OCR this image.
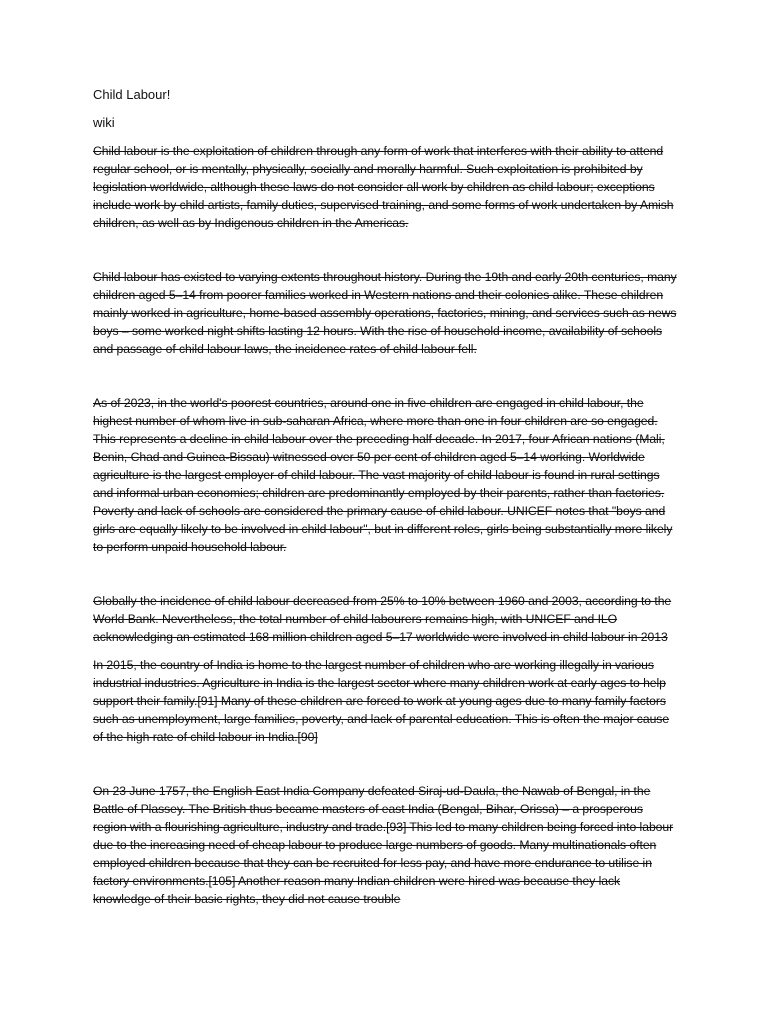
Child Labour!
wiki

Child labour is the exploitation of children through any form of work that interferes with their ability to attend regular school, or is mentally, physically, socially and morally harmful. Such exploitation is prohibited by legislation worldwide, although these laws do not consider all work by children as child labour; exceptions include work by child artists, family duties, supervised training, and some forms of work undertaken by Amish children, as well as by Indigenous children in the Americas.

Child labour has existed to varying extents throughout history. During the 19th and early 20th centuries, many children aged 5–14 from poorer families worked in Western nations and their colonies alike. These children mainly worked in agriculture, home-based assembly operations, factories, mining, and services such as news boys – some worked night shifts lasting 12 hours. With the rise of household income, availability of schools and passage of child labour laws, the incidence rates of child labour fell.

As of 2023, in the world's poorest countries, around one in five children are engaged in child labour, the highest number of whom live in sub-saharan Africa, where more than one in four children are so engaged. This represents a decline in child labour over the preceding half decade. In 2017, four African nations (Mali, Benin, Chad and Guinea-Bissau) witnessed over 50 per cent of children aged 5–14 working. Worldwide agriculture is the largest employer of child labour. The vast majority of child labour is found in rural settings and informal urban economies; children are predominantly employed by their parents, rather than factories. Poverty and lack of schools are considered the primary cause of child labour. UNICEF notes that "boys and girls are equally likely to be involved in child labour", but in different roles, girls being substantially more likely to perform unpaid household labour.

Globally the incidence of child labour decreased from 25% to 10% between 1960 and 2003, according to the World Bank. Nevertheless, the total number of child labourers remains high, with UNICEF and ILO acknowledging an estimated 168 million children aged 5–17 worldwide were involved in child labour in 2013

In 2015, the country of India is home to the largest number of children who are working illegally in various industrial industries. Agriculture in India is the largest sector where many children work at early ages to help support their family.[91] Many of these children are forced to work at young ages due to many family factors such as unemployment, large families, poverty, and lack of parental education. This is often the major cause of the high rate of child labour in India.[90]

On 23 June 1757, the English East India Company defeated Siraj-ud-Daula, the Nawab of Bengal, in the Battle of Plassey. The British thus became masters of east India (Bengal, Bihar, Orissa) – a prosperous region with a flourishing agriculture, industry and trade.[93] This led to many children being forced into labour due to the increasing need of cheap labour to produce large numbers of goods. Many multinationals often employed children because that they can be recruited for less pay, and have more endurance to utilise in factory environments.[105] Another reason many Indian children were hired was because they lack knowledge of their basic rights, they did not cause trouble
